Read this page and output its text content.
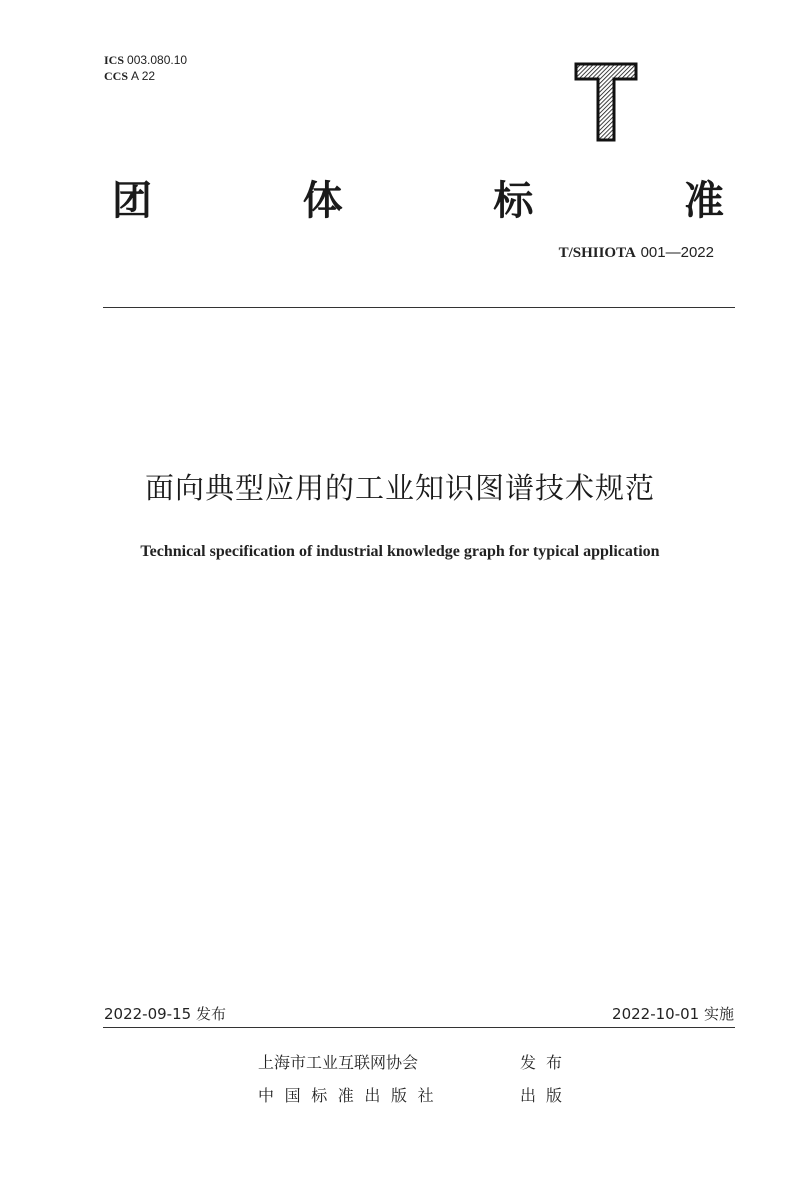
ICS 003.080.10
CCS A 22
团	体	标	准
T/SHIIOTA 001—2022
面向典型应用的工业知识图谱技术规范
Technical specification of industrial knowledge graph for typical application
2022-09-15 发布	2022-10-01 实施
上海市工业互联网协会	发布
中国标准出版社	出版
